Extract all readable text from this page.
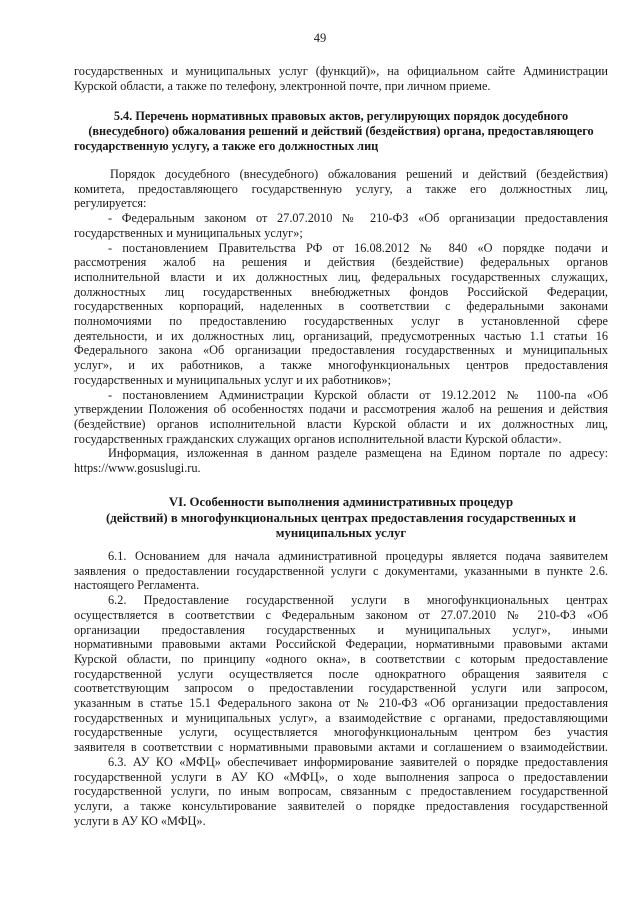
49
государственных и муниципальных услуг (функций)», на официальном сайте Администрации
Курской области, а также по телефону, электронной почте, при личном приеме.
5.4. Перечень нормативных правовых актов, регулирующих порядок досудебного
(внесудебного) обжалования решений и действий (бездействия) органа, предоставляющего
государственную услугу, а также его должностных лиц
Порядок досудебного (внесудебного) обжалования решений и действий (бездействия)
комитета, предоставляющего государственную услугу, а также его должностных лиц,
регулируется:
- Федеральным законом от 27.07.2010 № 210-ФЗ «Об организации предоставления
государственных и муниципальных услуг»;
- постановлением Правительства РФ от 16.08.2012 № 840 «О порядке подачи и
рассмотрения жалоб на решения и действия (бездействие) федеральных органов
исполнительной власти и их должностных лиц, федеральных государственных служащих,
должностных лиц государственных внебюджетных фондов Российской Федерации,
государственных корпораций, наделенных в соответствии с федеральными законами
полномочиями по предоставлению государственных услуг в установленной сфере
деятельности, и их должностных лиц, организаций, предусмотренных частью 1.1 статьи 16
Федерального закона «Об организации предоставления государственных и муниципальных
услуг», и их работников, а также многофункциональных центров предоставления
государственных и муниципальных услуг и их работников»;
- постановлением Администрации Курской области от 19.12.2012 № 1100-па «Об
утверждении Положения об особенностях подачи и рассмотрения жалоб на решения и действия
(бездействие) органов исполнительной власти Курской области и их должностных лиц,
государственных гражданских служащих органов исполнительной власти Курской области».
Информация, изложенная в данном разделе размещена на Едином портале по адресу:
https://www.gosuslugi.ru.
VI. Особенности выполнения административных процедур
(действий) в многофункциональных центрах предоставления государственных и
муниципальных услуг
6.1. Основанием для начала административной процедуры является подача заявителем
заявления о предоставлении государственной услуги с документами, указанными в пункте 2.6.
настоящего Регламента.
6.2. Предоставление государственной услуги в многофункциональных центрах
осуществляется в соответствии с Федеральным законом от 27.07.2010 № 210-ФЗ «Об
организации предоставления государственных и муниципальных услуг», иными
нормативными правовыми актами Российской Федерации, нормативными правовыми актами
Курской области, по принципу «одного окна», в соответствии с которым предоставление
государственной услуги осуществляется после однократного обращения заявителя с
соответствующим запросом о предоставлении государственной услуги или запросом,
указанным в статье 15.1 Федерального закона от № 210-ФЗ «Об организации предоставления
государственных и муниципальных услуг», а взаимодействие с органами, предоставляющими
государственные услуги, осуществляется многофункциональным центром без участия
заявителя в соответствии с нормативными правовыми актами и соглашением о взаимодействии.
6.3. АУ КО «МФЦ» обеспечивает информирование заявителей о порядке предоставления
государственной услуги в АУ КО «МФЦ», о ходе выполнения запроса о предоставлении
государственной услуги, по иным вопросам, связанным с предоставлением государственной
услуги, а также консультирование заявителей о порядке предоставления государственной
услуги в АУ КО «МФЦ».
